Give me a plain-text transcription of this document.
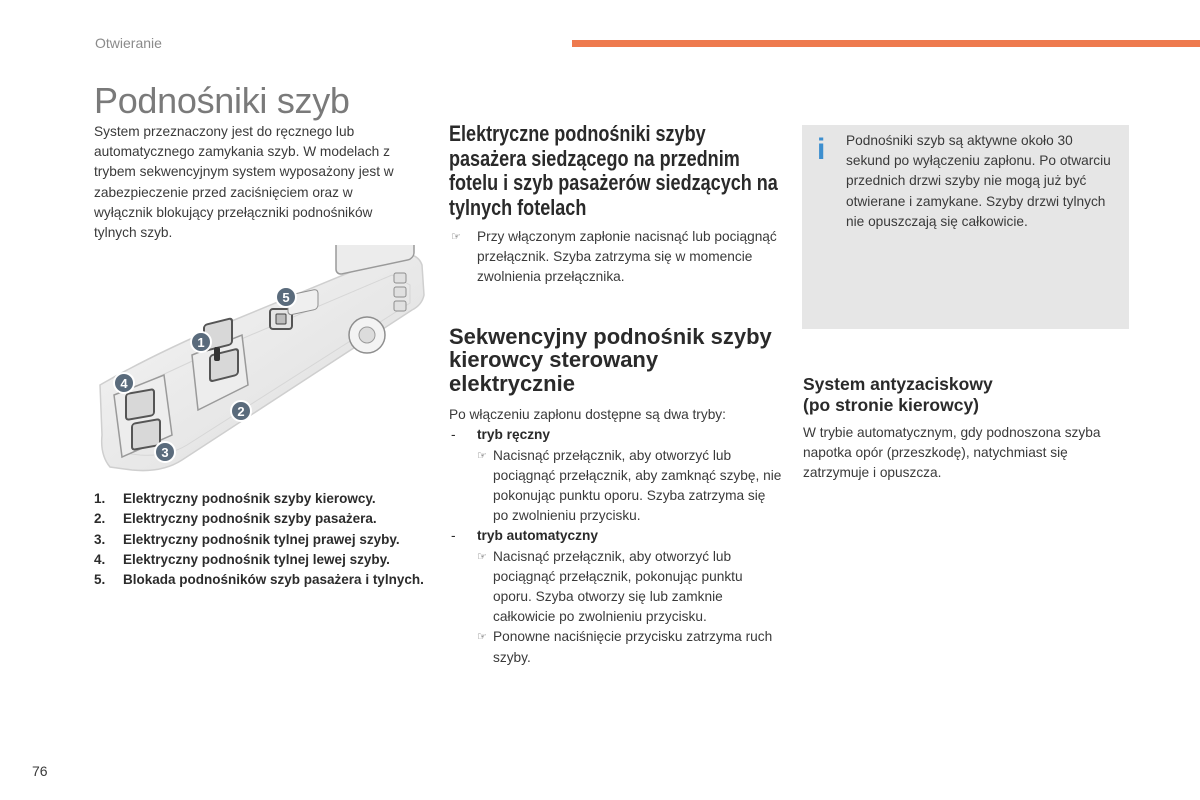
Otwieranie
Podnośniki szyb

System przeznaczony jest do ręcznego lub automatycznego zamykania szyb. W modelach z trybem sekwencyjnym system wyposażony jest w zabezpieczenie przed zaciśnięciem oraz w wyłącznik blokujący przełączniki podnośników tylnych szyb.

1
2
3
4
5
1.	Elektryczny podnośnik szyby kierowcy.
2.	Elektryczny podnośnik szyby pasażera.
3.	Elektryczny podnośnik tylnej prawej szyby.
4.	Elektryczny podnośnik tylnej lewej szyby.
5.	Blokada podnośników szyb pasażera i tylnych.
Elektryczne podnośniki szyby pasażera siedzącego na przednim fotelu i szyb pasażerów siedzących na tylnych fotelach
☞	Przy włączonym zapłonie nacisnąć lub pociągnąć przełącznik. Szyba zatrzyma się w momencie zwolnienia przełącznika.
Sekwencyjny podnośnik szyby kierowcy sterowany elektrycznie

Po włączeniu zapłonu dostępne są dwa tryby:

-	tryb ręczny
☞ Nacisnąć przełącznik, aby otworzyć lub pociągnąć przełącznik, aby zamknąć szybę, nie pokonując punktu oporu. Szyba zatrzyma się po zwolnieniu przycisku.
-	tryb automatyczny
☞ Nacisnąć przełącznik, aby otworzyć lub pociągnąć przełącznik, pokonując punktu oporu. Szyba otworzy się lub zamknie całkowicie po zwolnieniu przycisku.
☞ Ponowne naciśnięcie przycisku zatrzyma ruch szyby.
i Podnośniki szyb są aktywne około 30 sekund po wyłączeniu zapłonu. Po otwarciu przednich drzwi szyby nie mogą już być otwierane i zamykane. Szyby drzwi tylnych nie opuszczają się całkowicie.

System antyzaciskowy
(po stronie kierowcy)

W trybie automatycznym, gdy podnoszona szyba napotka opór (przeszkodę), natychmiast się zatrzymuje i opuszcza.

76
